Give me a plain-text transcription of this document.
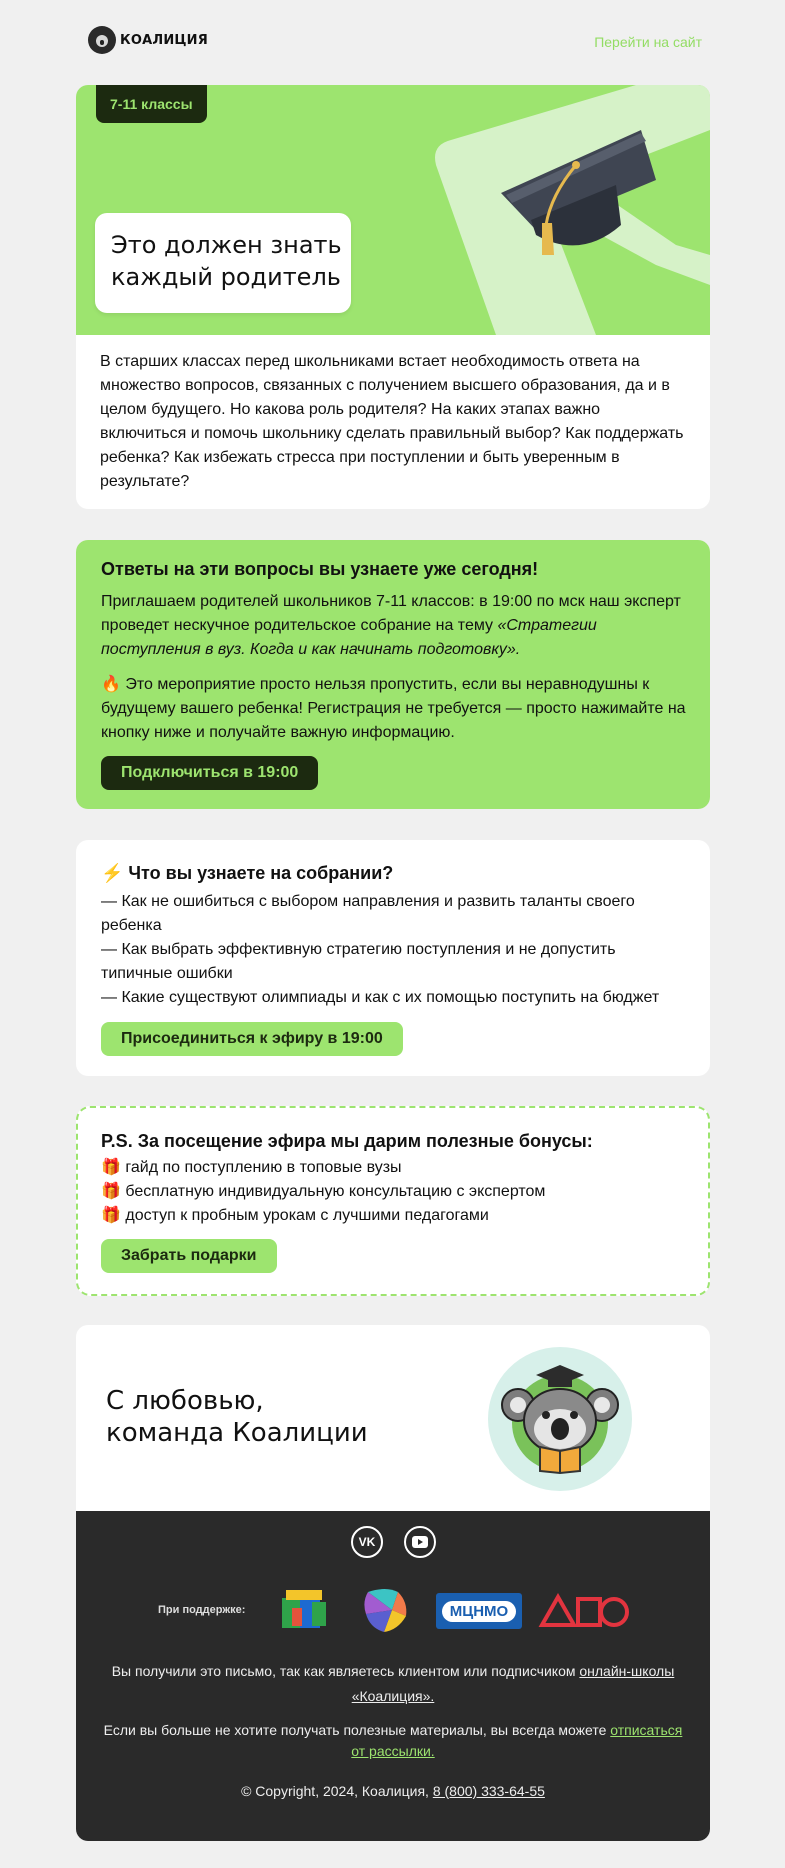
КОАЛИЦИЯ	Перейти на сайт
7-11 классы
Это должен знать
каждый родитель

В старших классах перед школьниками встает необходимость ответа на множество вопросов, связанных с получением высшего образования, да и в целом будущего. Но какова роль родителя? На каких этапах важно включиться и помочь школьнику сделать правильный выбор? Как поддержать ребенка? Как избежать стресса при поступлении и быть уверенным в результате?

Ответы на эти вопросы вы узнаете уже сегодня!

Приглашаем родителей школьников 7-11 классов: в 19:00 по мск наш эксперт проведет нескучное родительское собрание на тему «Стратегии поступления в вуз. Когда и как начинать подготовку».

🔥 Это мероприятие просто нельзя пропустить, если вы неравнодушны к будущему вашего ребенка! Регистрация не требуется — просто нажимайте на кнопку ниже и получайте важную информацию.

Подключиться в 19:00
⚡ Что вы узнаете на собрании?

— Как не ошибиться с выбором направления и развить таланты своего ребенка

— Как выбрать эффективную стратегию поступления и не допустить типичные ошибки

— Какие существуют олимпиады и как с их помощью поступить на бюджет

Присоединиться к эфиру в 19:00
P.S. За посещение эфира мы дарим полезные бонусы:

🎁 гайд по поступлению в топовые вузы

🎁 бесплатную индивидуальную консультацию с экспертом

🎁 доступ к пробным урокам с лучшими педагогами

Забрать подарки
С любовью,
команда Коалиции
VK
При поддержке:	МЦНМО
Вы получили это письмо, так как являетесь клиентом или подписчиком онлайн-школы «Коалиция».
Если вы больше не хотите получать полезные материалы, вы всегда можете отписаться от рассылки.
© Copyright, 2024, Коалиция, 8 (800) 333-64-55
